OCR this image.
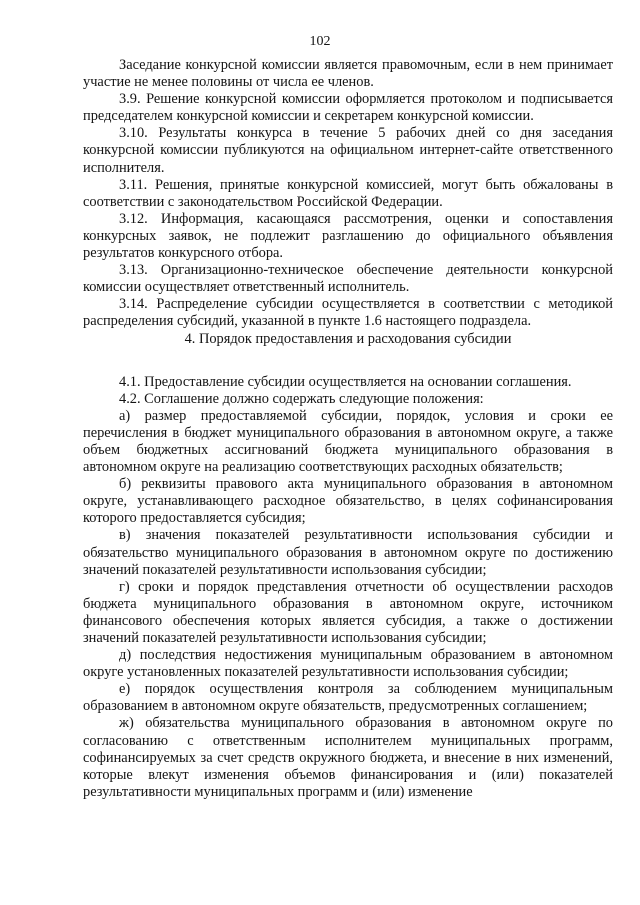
102

Заседание конкурсной комиссии является правомочным, если в нем принимает участие не менее половины от числа ее членов.

3.9. Решение конкурсной комиссии оформляется протоколом и подписывается председателем конкурсной комиссии и секретарем конкурсной комиссии.

3.10. Результаты конкурса в течение 5 рабочих дней со дня заседания конкурсной комиссии публикуются на официальном интернет-сайте ответственного исполнителя.

3.11. Решения, принятые конкурсной комиссией, могут быть обжалованы в соответствии с законодательством Российской Федерации.

3.12. Информация, касающаяся рассмотрения, оценки и сопоставления конкурсных заявок, не подлежит разглашению до официального объявления результатов конкурсного отбора.

3.13. Организационно-техническое обеспечение деятельности конкурсной комиссии осуществляет ответственный исполнитель.

3.14. Распределение субсидии осуществляется в соответствии с методикой распределения субсидий, указанной в пункте 1.6 настоящего подраздела.

4. Порядок предоставления и расходования субсидии

4.1. Предоставление субсидии осуществляется на основании соглашения.

4.2. Соглашение должно содержать следующие положения:

а) размер предоставляемой субсидии, порядок, условия и сроки ее перечисления в бюджет муниципального образования в автономном округе, а также объем бюджетных ассигнований бюджета муниципального образования в автономном округе на реализацию соответствующих расходных обязательств;

б) реквизиты правового акта муниципального образования в автономном округе, устанавливающего расходное обязательство, в целях софинансирования которого предоставляется субсидия;

в) значения показателей результативности использования субсидии и обязательство муниципального образования в автономном округе по достижению значений показателей результативности использования субсидии;

г) сроки и порядок представления отчетности об осуществлении расходов бюджета муниципального образования в автономном округе, источником финансового обеспечения которых является субсидия, а также о достижении значений показателей результативности использования субсидии;

д) последствия недостижения муниципальным образованием в автономном округе установленных показателей результативности использования субсидии;

е) порядок осуществления контроля за соблюдением муниципальным образованием в автономном округе обязательств, предусмотренных соглашением;

ж) обязательства муниципального образования в автономном округе по согласованию с ответственным исполнителем муниципальных программ, софинансируемых за счет средств окружного бюджета, и внесение в них изменений, которые влекут изменения объемов финансирования и (или) показателей результативности муниципальных программ и (или) изменение
